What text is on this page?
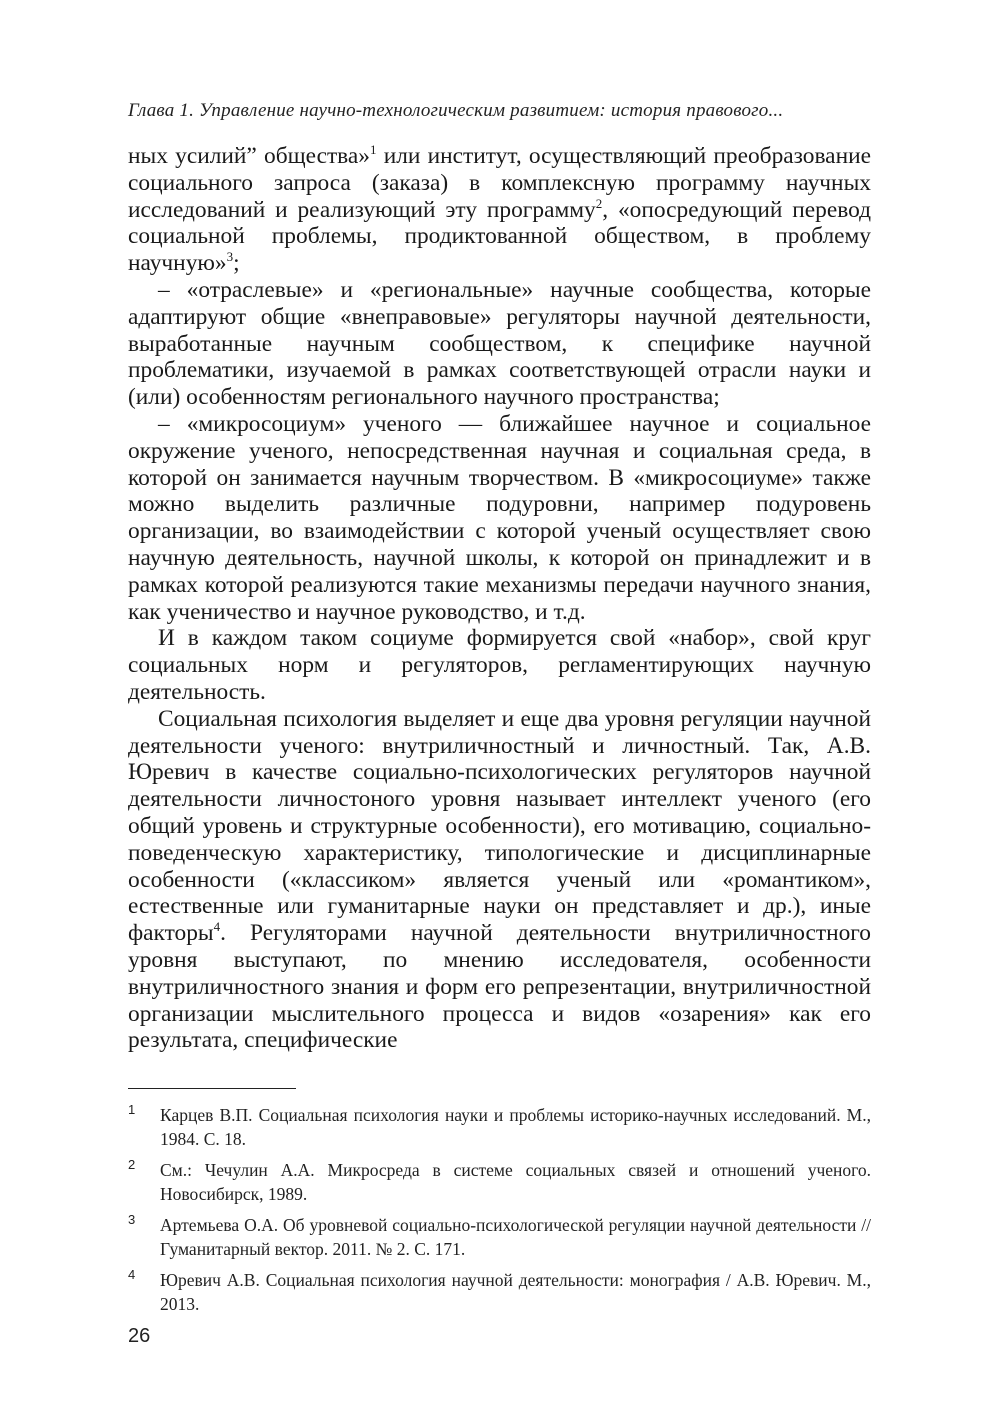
Глава 1. Управление научно-технологическим развитием: история правового...

ных усилий” общества»$^1$ или институт, осуществляющий преобразование социального запроса (заказа) в комплексную программу научных исследований и реализующий эту программу$^2$, «опосредующий перевод социальной проблемы, продиктованной обществом, в проблему научную»$^3$;

– «отраслевые» и «региональные» научные сообщества, которые адаптируют общие «внеправовые» регуляторы научной деятельности, выработанные научным сообществом, к специфике научной проблематики, изучаемой в рамках соответствующей отрасли науки и (или) особенностям регионального научного пространства;

– «микросоциум» ученого — ближайшее научное и социальное окружение ученого, непосредственная научная и социальная среда, в которой он занимается научным творчеством. В «микросоциуме» также можно выделить различные подуровни, например подуровень организации, во взаимодействии с которой ученый осуществляет свою научную деятельность, научной школы, к которой он принадлежит и в рамках которой реализуются такие механизмы передачи научного знания, как ученичество и научное руководство, и т.д.

И в каждом таком социуме формируется свой «набор», свой круг социальных норм и регуляторов, регламентирующих научную деятельность.

Социальная психология выделяет и еще два уровня регуляции научной деятельности ученого: внутриличностный и личностный. Так, А.В. Юревич в качестве социально-психологических регуляторов научной деятельности личностоного уровня называет интеллект ученого (его общий уровень и структурные особенности), его мотивацию, социально-поведенческую характеристику, типологические и дисциплинарные особенности («классиком» является ученый или «романтиком», естественные или гуманитарные науки он представляет и др.), иные факторы$^4$. Регуляторами научной деятельности внутриличностного уровня выступают, по мнению исследователя, особенности внутриличностного знания и форм его репрезентации, внутриличностной организации мыслительного процесса и видов «озарения» как его результата, специфические

1 Карцев В.П. Социальная психология науки и проблемы историко-научных исследований. М., 1984. С. 18.
2 См.: Чечулин А.А. Микросреда в системе социальных связей и отношений ученого. Новосибирск, 1989.
3 Артемьева О.А. Об уровневой социально-психологической регуляции научной деятельности // Гуманитарный вектор. 2011. № 2. С. 171.
4 Юревич А.В. Социальная психология научной деятельности: монография / А.В. Юревич. М., 2013.
26
